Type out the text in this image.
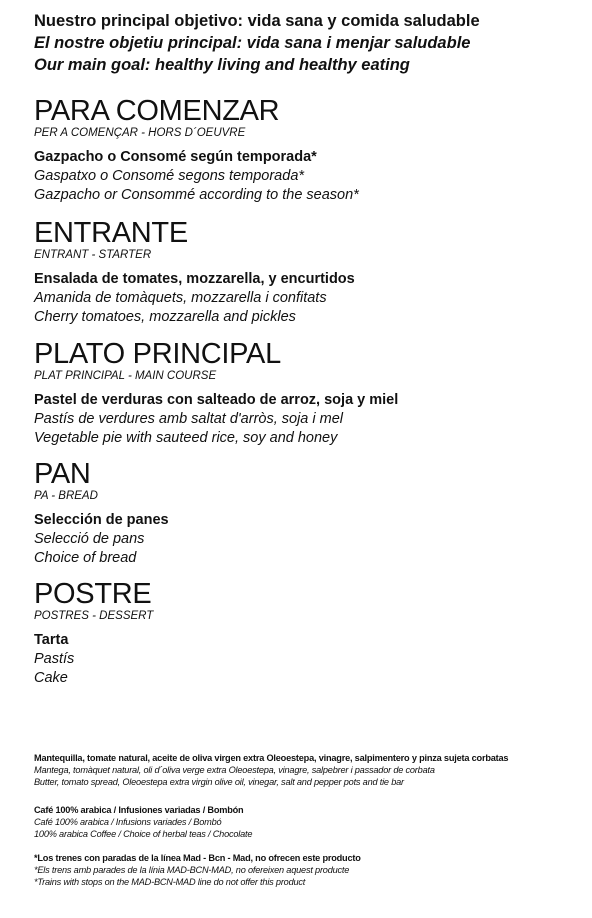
Nuestro principal objetivo: vida sana y comida saludable
El nostre objetiu principal: vida sana i menjar saludable
Our main goal: healthy living and healthy eating
PARA COMENZAR
PER A COMENÇAR - HORS D´OEUVRE
Gazpacho o Consomé según temporada*
Gaspatxo o Consomé segons temporada*
Gazpacho or Consommé according to the season*
ENTRANTE
ENTRANT - STARTER
Ensalada de tomates, mozzarella, y encurtidos
Amanida de tomàquets, mozzarella i confitats
Cherry tomatoes, mozzarella and pickles
PLATO PRINCIPAL
PLAT PRINCIPAL - MAIN COURSE
Pastel de verduras con salteado de arroz, soja y miel
Pastís de verdures amb saltat d'arròs, soja i mel
Vegetable pie with sauteed rice, soy and honey
PAN
PA - BREAD
Selección de panes
Selecció de pans
Choice of bread
POSTRE
POSTRES - DESSERT
Tarta
Pastís
Cake
Mantequilla, tomate natural, aceite de oliva virgen extra Oleoestepa, vinagre, salpimentero y pinza sujeta corbatas
Mantega, tomàquet natural, oli d´oliva verge extra Oleoestepa, vinagre, salpebrer i passador de corbata
Butter, tomato spread, Oleoestepa extra virgin olive oil, vinegar, salt and pepper pots and tie bar
Café 100% arabica / Infusiones variadas / Bombón
Café 100% arabica / Infusions variades / Bombó
100% arabica Coffee / Choice of herbal teas / Chocolate
*Los trenes con paradas de la línea Mad - Bcn - Mad, no ofrecen este producto
*Els trens amb parades de la línia MAD-BCN-MAD, no ofereixen aquest producte
*Trains with stops on the MAD-BCN-MAD line do not offer this product
